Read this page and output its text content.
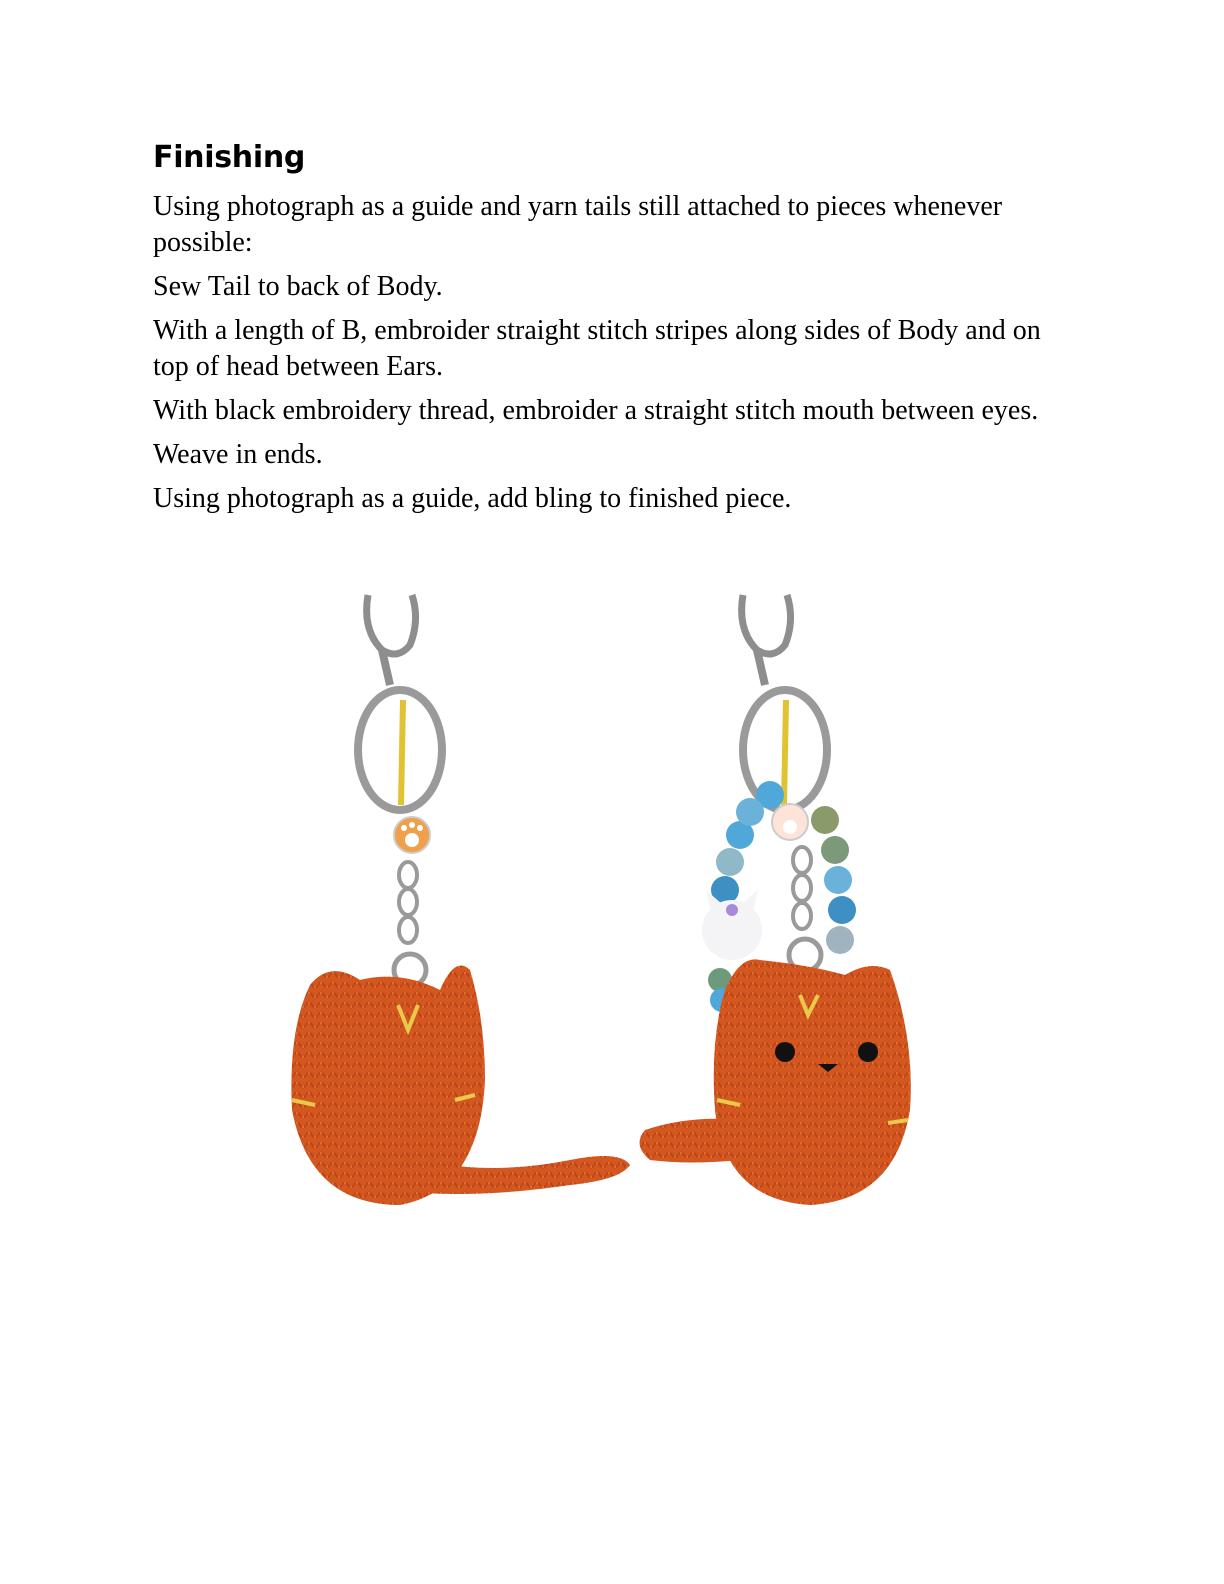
Finishing

Using photograph as a guide and yarn tails still attached to pieces whenever possible:

Sew Tail to back of Body.

With a length of B, embroider straight stitch stripes along sides of Body and on top of head between Ears.

With black embroidery thread, embroider a straight stitch mouth between eyes.

Weave in ends.

Using photograph as a guide, add bling to finished piece.
